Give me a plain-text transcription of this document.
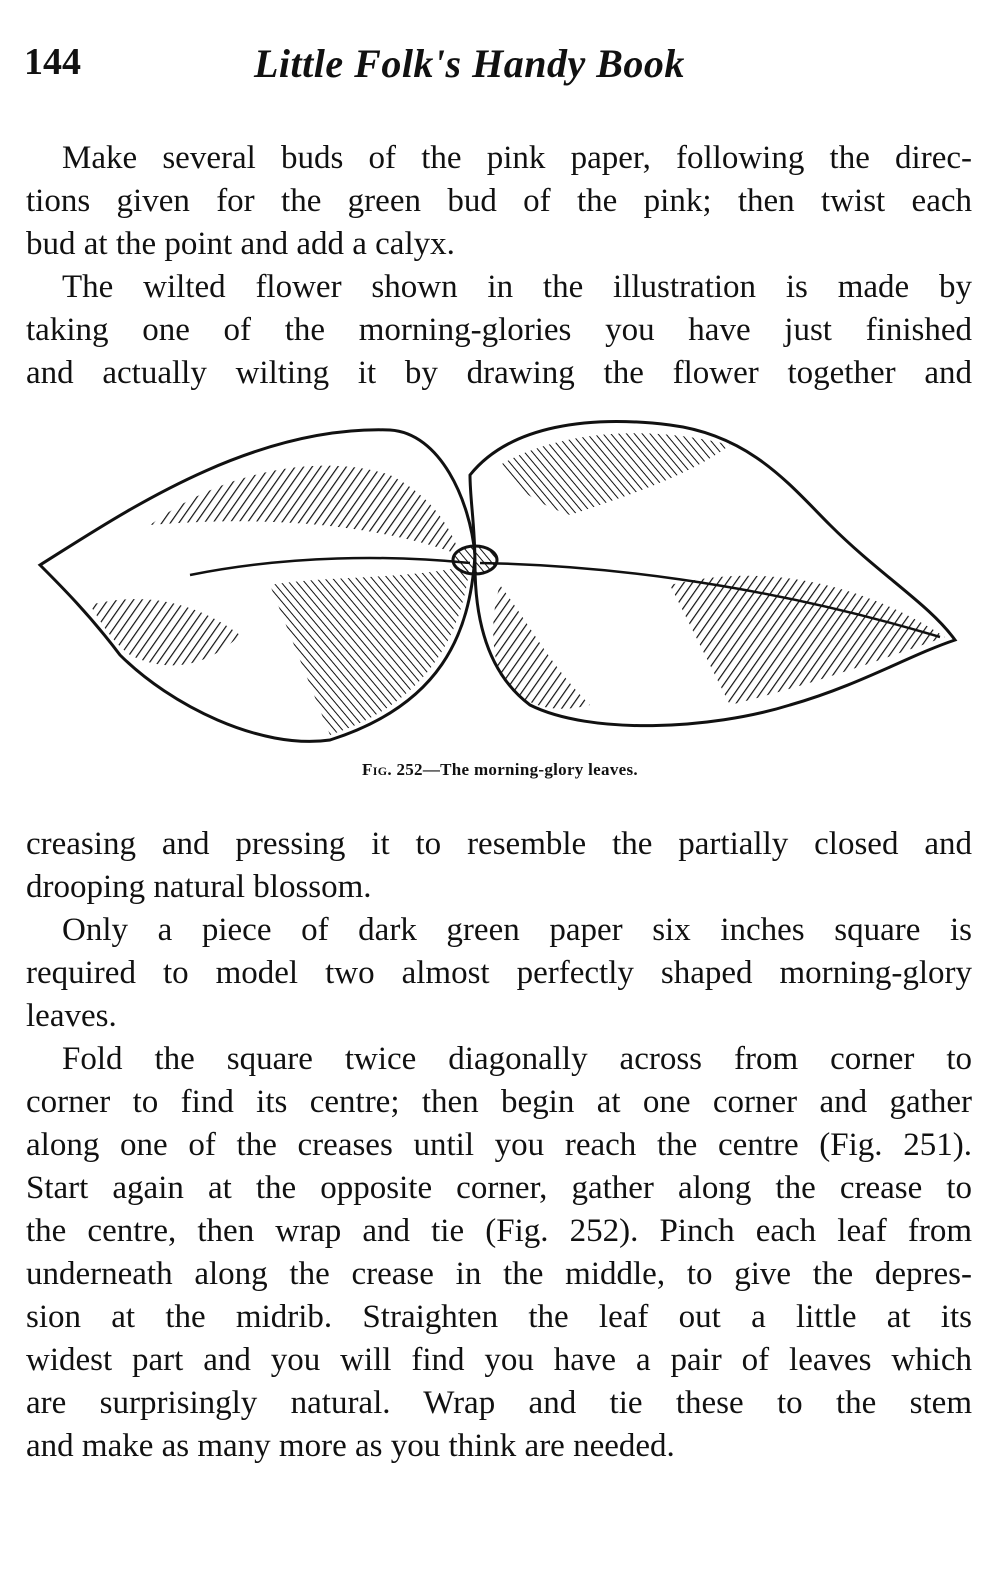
144	Little Folk's Handy Book

Make several buds of the pink paper, following the direc-
tions given for the green bud of the pink; then twist each
bud at the point and add a calyx.

The wilted flower shown in the illustration is made by
taking one of the morning-glories you have just finished
and actually wilting it by drawing the flower together and

Fig. 252—The morning-glory leaves.

creasing and pressing it to resemble the partially closed and
drooping natural blossom.

Only a piece of dark green paper six inches square is
required to model two almost perfectly shaped morning-glory
leaves.

Fold the square twice diagonally across from corner to
corner to find its centre; then begin at one corner and gather
along one of the creases until you reach the centre (Fig. 251).
Start again at the opposite corner, gather along the crease to
the centre, then wrap and tie (Fig. 252). Pinch each leaf from
underneath along the crease in the middle, to give the depres-
sion at the midrib. Straighten the leaf out a little at its
widest part and you will find you have a pair of leaves which
are surprisingly natural. Wrap and tie these to the stem
and make as many more as you think are needed.
